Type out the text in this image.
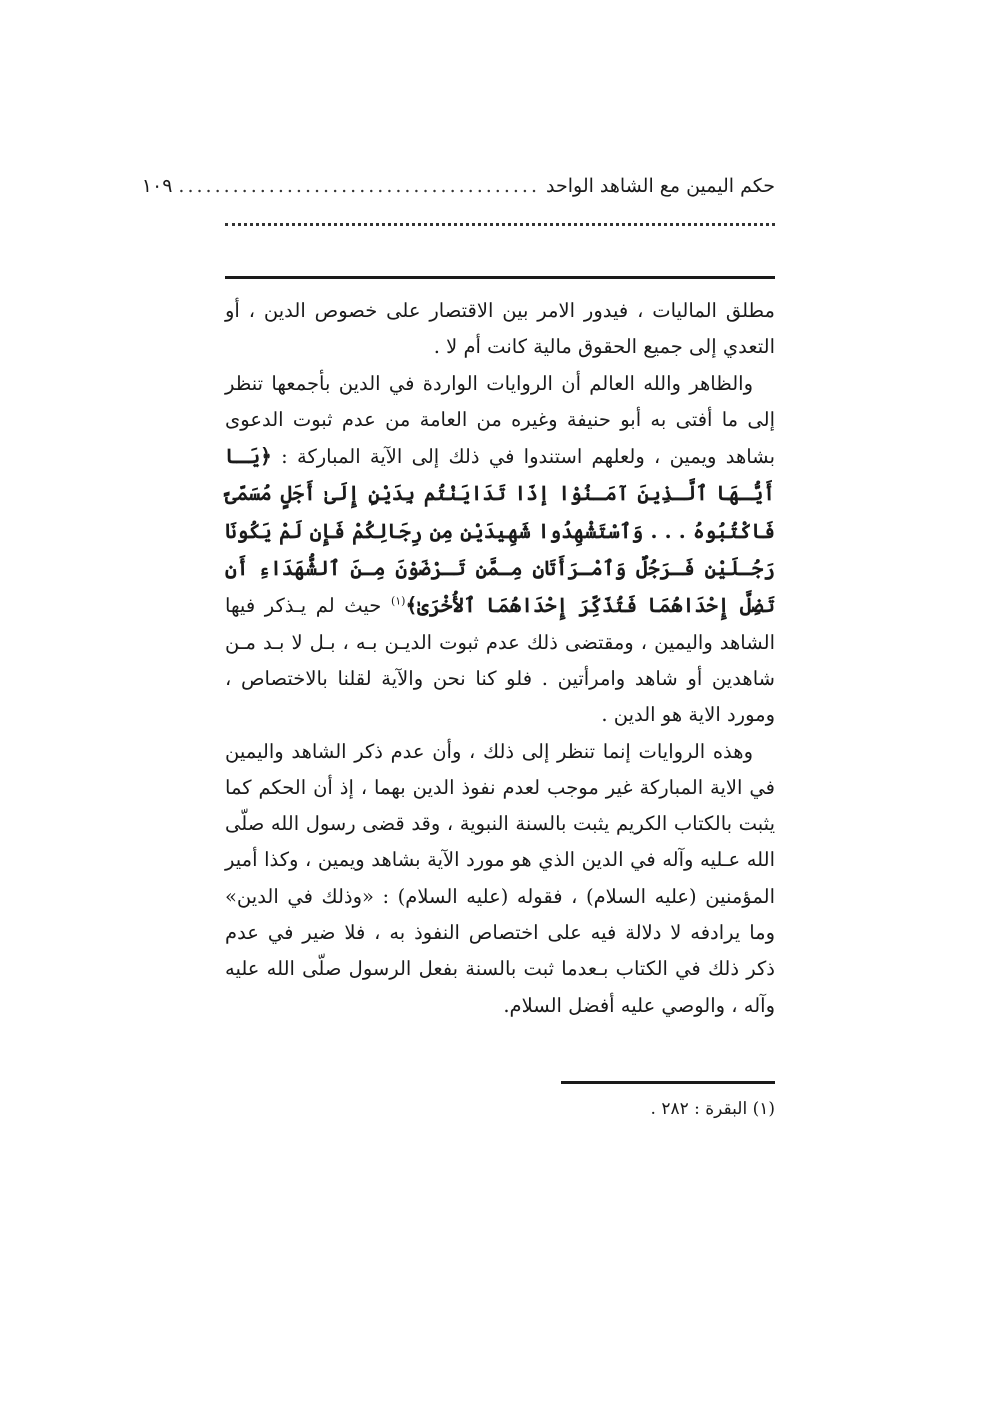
حكم اليمين مع الشاهد الواحد
........................................
١٠٩

مطلق الماليات ، فيدور الامر بين الاقتصار على خصوص الدين ، أو التعدي إلى جميع الحقوق مالية كانت أم لا .

والظاهر والله العالم أن الروايات الواردة في الدين بأجمعها تنظر إلى ما أفتى به أبو حنيفة وغيره من العامة من عدم ثبوت الدعوى بشاهد ويمين ، ولعلهم استندوا في ذلك إلى الآية المباركة : ﴿يَـا أَيُّـهَا ٱلَّـذِينَ آمَـنُوْا إذَا تَدَايَنْتُم بِدَيْنٍ إِلَىٰ أَجَلٍ مُسَمّىً فَاكْتُبُوهُ . . . وَٱسْتَشْهِدُوا شَهِيدَيْنِ مِن رِجَالِكُمْ فَإِن لَمْ يَكُونَا رَجُـلَيْنِ فَـرَجُلٌ وَٱمْـرَأَتَانِ مِـمَّن تَـرْضَوْنَ مِـنَ ٱلشُّهَدَاءِ أَن تَضِلَّ إِحْدَاهُمَا فَتُذَكِّرَ إِحْدَاهُمَا ٱلأُخْرَىٰ﴾$^{(١)}$ حيث لم يـذكر فيها الشاهد واليمين ، ومقتضى ذلك عدم ثبوت الديـن بـه ، بـل لا بـد مـن شاهدين أو شاهد وامرأتين . فلو كنا نحن والآية لقلنا بالاختصاص ، ومورد الاية هو الدين .

وهذه الروايات إنما تنظر إلى ذلك ، وأن عدم ذكر الشاهد واليمين في الاية المباركة غير موجب لعدم نفوذ الدين بهما ، إذ أن الحكم كما يثبت بالكتاب الكريم يثبت بالسنة النبوية ، وقد قضى رسول الله صلّى الله عـليه وآله في الدين الذي هو مورد الآية بشاهد ويمين ، وكذا أمير المؤمنين (عليه السلام) ، فقوله (عليه السلام) : «وذلك في الدين» وما يرادفه لا دلالة فيه على اختصاص النفوذ به ، فلا ضير في عدم ذكر ذلك في الكتاب بـعدما ثبت بالسنة بفعل الرسول صلّى الله عليه وآله ، والوصي عليه أفضل السلام.

(١) البقرة : ٢٨٢ .
